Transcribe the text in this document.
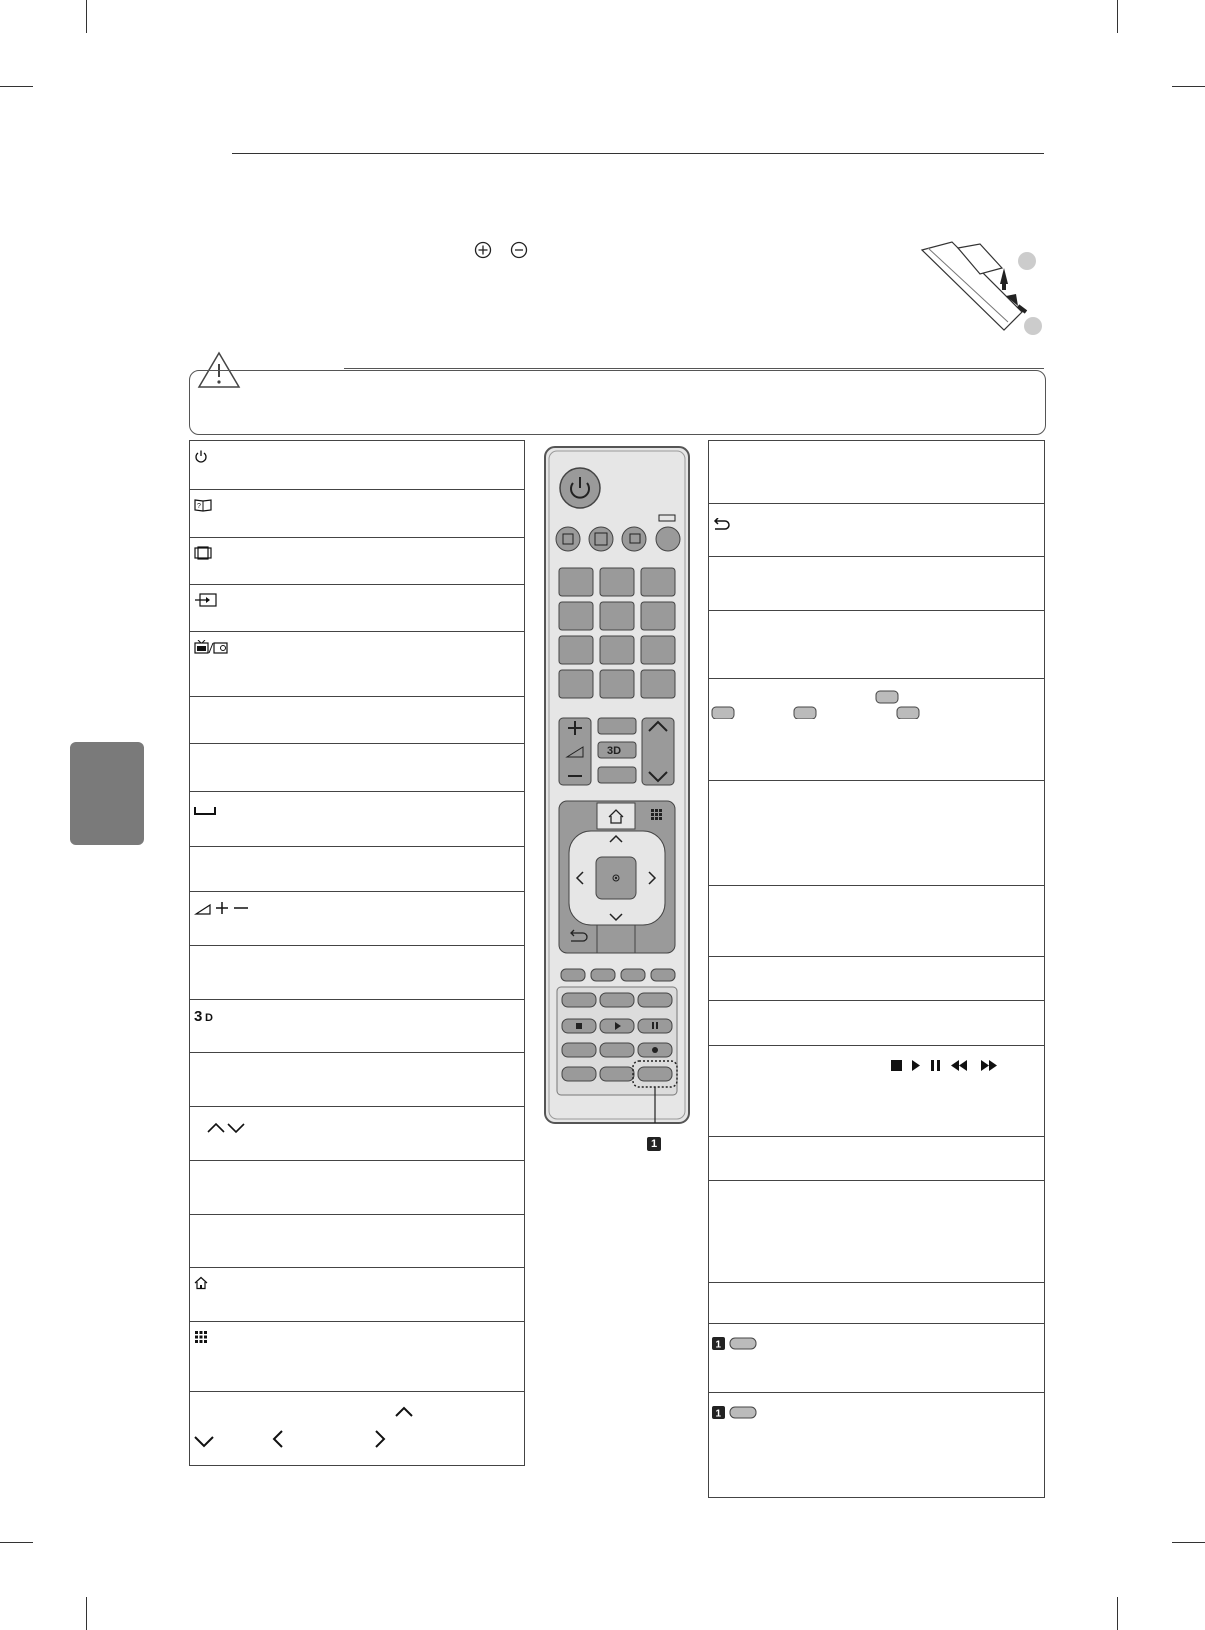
?
3 D
3D
1
1
1
